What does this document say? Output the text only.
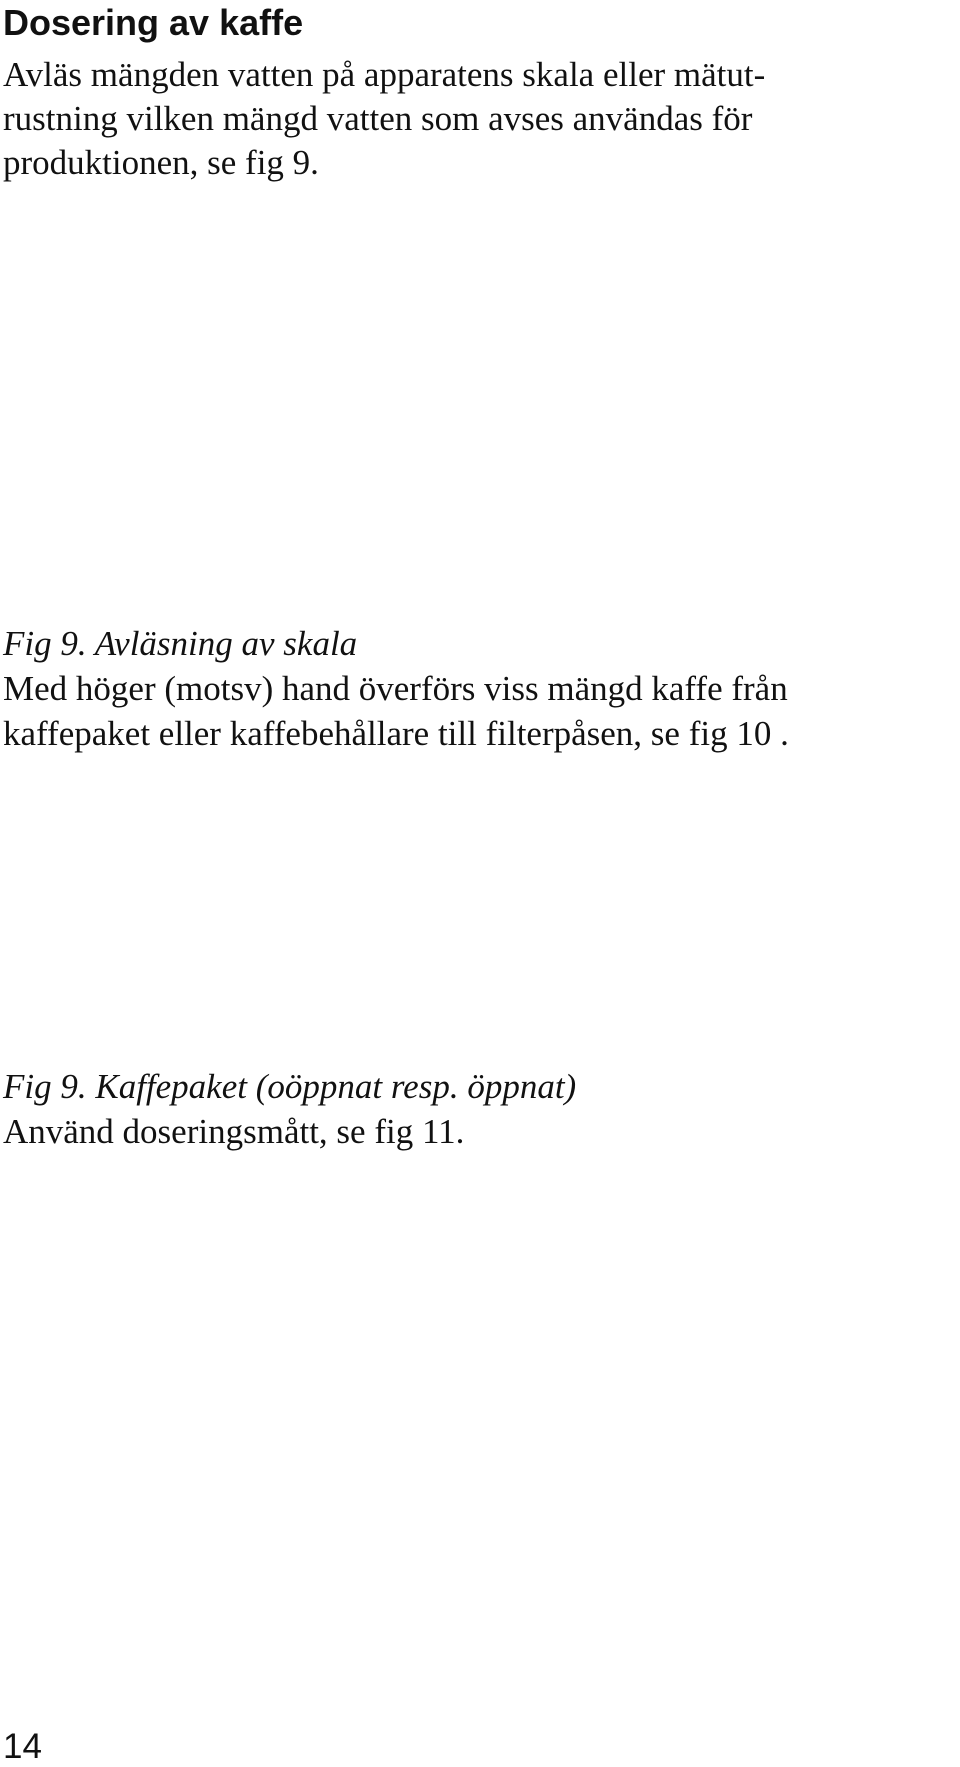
Dosering av kaffe

Avläs mängden vatten på apparatens skala eller mätut-

rustning vilken mängd vatten som avses användas för

produktionen, se fig 9.

Fig 9. Avläsning av skala

Med höger (motsv) hand överförs viss mängd kaffe från

kaffepaket eller kaffebehållare till filterpåsen, se fig 10 .

Fig 9. Kaffepaket (oöppnat resp. öppnat)

Använd doseringsmått, se fig 11.

14
